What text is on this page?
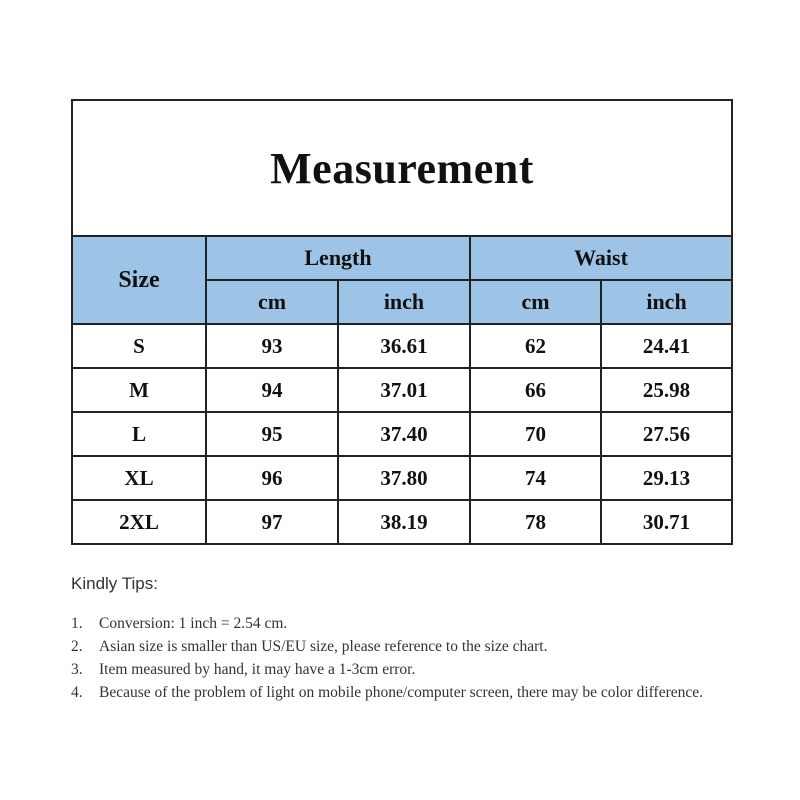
Measurement				
Size	Length		Waist	
	cm	inch	cm	inch
S	93	36.61	62	24.41
M	94	37.01	66	25.98
L	95	37.40	70	27.56
XL	96	37.80	74	29.13
2XL	97	38.19	78	30.71

Kindly Tips:

1. Conversion: 1 inch = 2.54 cm.
2. Asian size is smaller than US/EU size, please reference to the size chart.
3. Item measured by hand, it may have a 1-3cm error.
4. Because of the problem of light on mobile phone/computer screen, there may be color difference.
